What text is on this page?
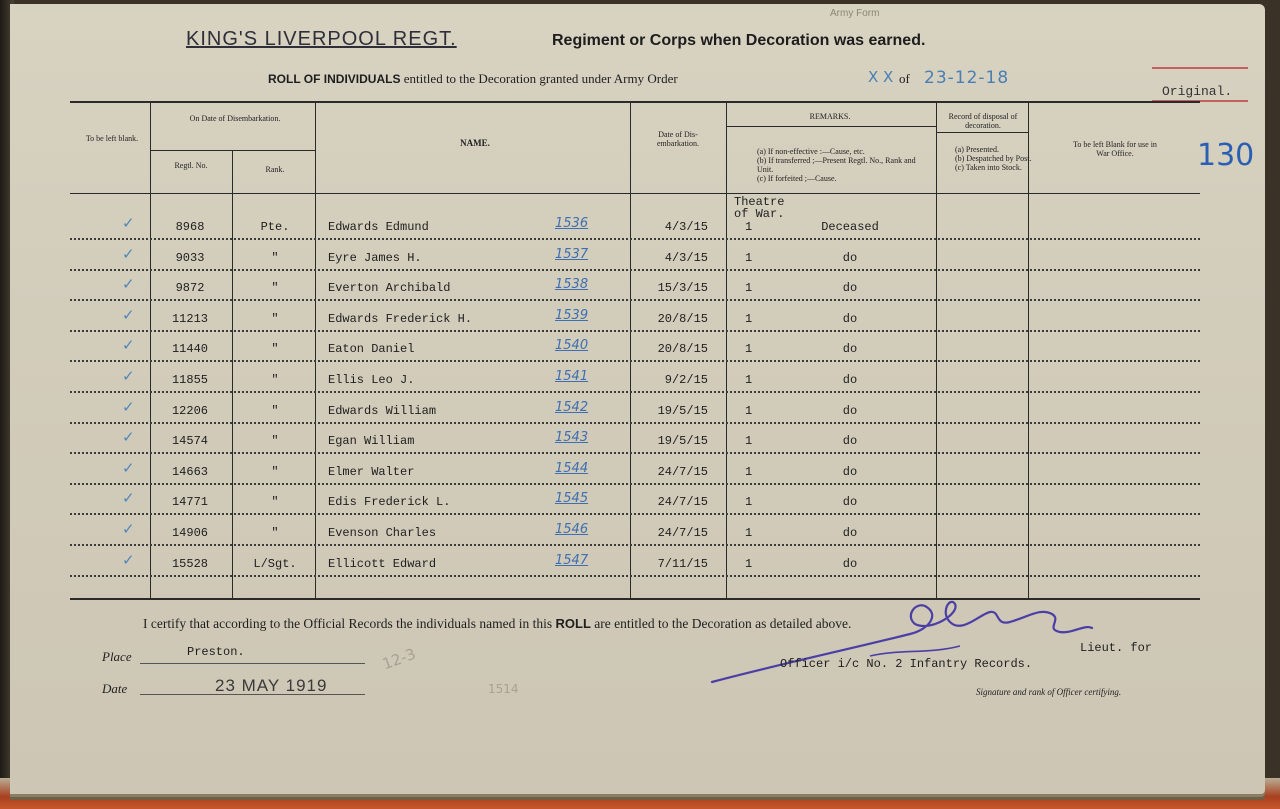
Army Form
KING'S LIVERPOOL REGT.	Regiment or Corps when Decoration was earned.
ROLL OF INDIVIDUALS entitled to the Decoration granted under Army Order	X X of 23-12-18
Original.
130
To be left blank.
On Date of Disembarkation.
Regtl. No.	Rank.
NAME.
Date of Dis-embarkation.
REMARKS.
(a) If non-effective :—Cause, etc.
(b) If transferred ;—Present Regtl. No., Rank and Unit.
(c) If forfeited ;—Cause.
Record of disposal of decoration.
(a) Presented.
(b) Despatched by Post.
(c) Taken into Stock.
To be left Blank for use in War Office.
Theatre of War.
✓	8968	Pte.	Edwards Edmund	1536	4/3/15	1	Deceased
✓	9033	"	Eyre James H.	1537	4/3/15	1	do
✓	9872	"	Everton Archibald	1538	15/3/15	1	do
✓	11213	"	Edwards Frederick H.	1539	20/8/15	1	do
✓	11440	"	Eaton Daniel	1540	20/8/15	1	do
✓	11855	"	Ellis Leo J.	1541	9/2/15	1	do
✓	12206	"	Edwards William	1542	19/5/15	1	do
✓	14574	"	Egan William	1543	19/5/15	1	do
✓	14663	"	Elmer Walter	1544	24/7/15	1	do
✓	14771	"	Edis Frederick L.	1545	24/7/15	1	do
✓	14906	"	Evenson Charles	1546	24/7/15	1	do
✓	15528	L/Sgt.	Ellicott Edward	1547	7/11/15	1	do
I certify that according to the Official Records the individuals named in this ROLL are entitled to the Decoration as detailed above.
Place	Preston.
Date	23 MAY 1919
12-3
1514
Lieut. for
Officer i/c No. 2 Infantry Records.
Signature and rank of Officer certifying.
